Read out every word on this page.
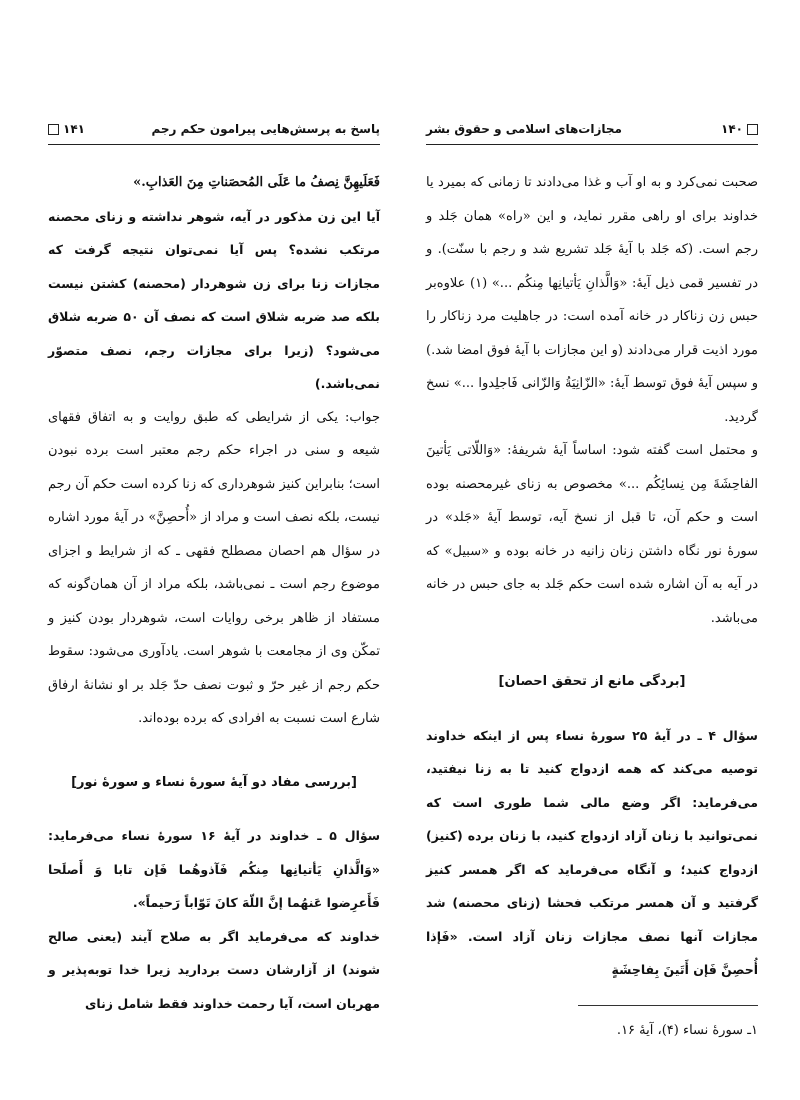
۱۴۱	پاسخ به پرسش‌هایی پیرامون حکم رجم

فَعَلَیهِنَّ نِصفُ ما عَلَی المُحصَناتِ مِنَ العَذابِ.»

آیا این زن مذکور در آیه، شوهر نداشته و زنای محصنه مرتکب نشده؟ پس آیا نمی‌توان نتیجه گرفت که مجازات زنا برای زن شوهردار (محصنه) کشتن نیست بلکه صد ضربه شلاق است که نصف آن ۵۰ ضربه شلاق می‌شود؟ (زیرا برای مجازات رجم، نصف متصوّر نمی‌باشد.)

جواب: یکی از شرایطی که طبق روایت و به اتفاق فقهای شیعه و سنی در اجراء حکم رجم معتبر است برده نبودن است؛ بنابراین کنیز شوهرداری که زنا کرده است حکم آن رجم نیست، بلکه نصف است و مراد از «أُحصِنَّ» در آیهٔ مورد اشاره در سؤال هم احصان مصطلح فقهی ـ که از شرایط و اجزای موضوع رجم است ـ نمی‌باشد، بلکه مراد از آن همان‌گونه که مستفاد از ظاهر برخی روایات است، شوهردار بودن کنیز و تمکّن وی از مجامعت با شوهر است. یادآوری می‌شود: سقوط حکم رجم از غیر حرّ و ثبوت نصف حدّ جَلد بر او نشانهٔ ارفاق شارع است نسبت به افرادی که برده بوده‌اند.

[بررسی مفاد دو آیهٔ سورهٔ نساء و سورهٔ نور]

سؤال ۵ ـ خداوند در آیهٔ ۱۶ سورهٔ نساء می‌فرماید: «وَالَّذانِ یَأتیانِها مِنکُم فَآذوهُما فَإن تابا وَ أَصلَحا فَأَعرِضوا عَنهُما إنَّ اللّهَ کانَ تَوّاباً رَحیماً».

خداوند که می‌فرماید اگر به صلاح آیند (یعنی صالح شوند) از آزارشان دست بردارید زیرا خدا توبه‌پذیر و مهربان است، آیا رحمت خداوند فقط شامل زنای

۱۴۰
مجازات‌های اسلامی و حقوق بشر

صحبت نمی‌کرد و به او آب و غذا می‌دادند تا زمانی که بمیرد یا خداوند برای او راهی مقرر نماید، و این «راه» همان جَلد و رجم است. (که جَلد با آیهٔ جَلد تشریع شد و رجم با سنّت). و در تفسیر قمی ذیل آیهٔ: «وَالَّذانِ یَأتیانِها مِنکُم ...» (۱) علاوه‌بر حبس زن زناکار در خانه آمده است: در جاهلیت مرد زناکار را مورد اذیت قرار می‌دادند (و این مجازات با آیهٔ فوق امضا شد.) و سپس آیهٔ فوق توسط آیهٔ: «الزّانِیَةُ وَالزّانی فَاجلِدوا ...» نسخ گردید.

و محتمل است گفته شود: اساساً آیهٔ شریفهٔ: «وَاللّاتی یَأتینَ الفاحِشَةَ مِن نِسائِکُم ...» مخصوص به زنای غیرمحصنه بوده است و حکم آن، تا قبل از نسخ آیه، توسط آیهٔ «جَلد» در سورهٔ نور نگاه داشتن زنان زانیه در خانه بوده و «سبیل» که در آیه به آن اشاره شده است حکم جَلد به جای حبس در خانه می‌باشد.

[بردگی مانع از تحقق احصان]

سؤال ۴ ـ در آیهٔ ۲۵ سورهٔ نساء پس از اینکه خداوند توصیه می‌کند که همه ازدواج کنید تا به زنا نیفتید، می‌فرماید: اگر وضع مالی شما طوری است که نمی‌توانید با زنان آزاد ازدواج کنید، با زنان برده (کنیز) ازدواج کنید؛ و آنگاه می‌فرماید که اگر همسر کنیز گرفتید و آن همسر مرتکب فحشا (زنای محصنه) شد مجازات آنها نصف مجازات زنان آزاد است. «فَإذا أُحصِنَّ فَإن أَتَینَ بِفاحِشَةٍ

۱ـ سورهٔ نساء (۴)، آیهٔ ۱۶.
